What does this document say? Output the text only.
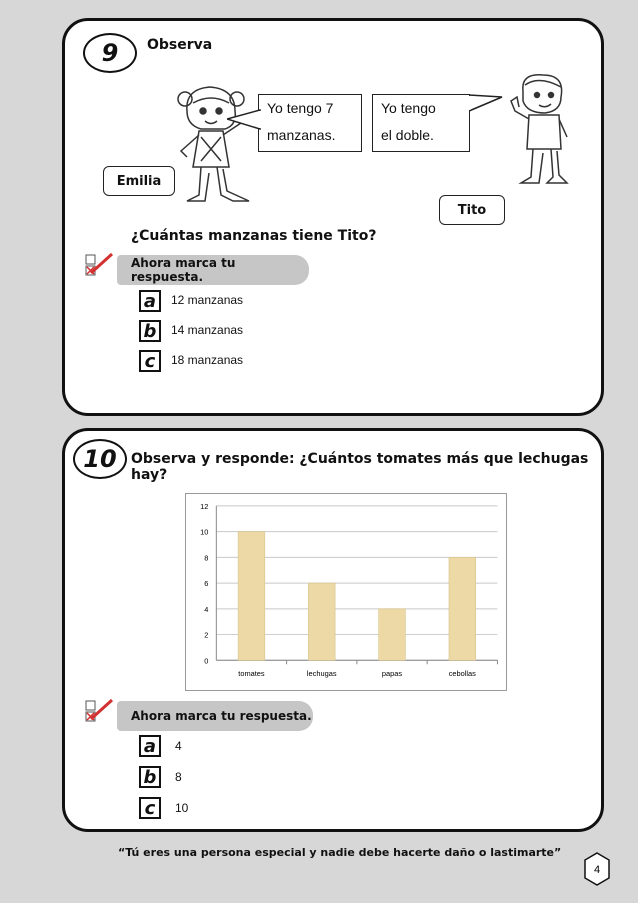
9	Observa
Yo tengo 7
manzanas.
Yo tengo
el doble.
Emilia
Tito
¿Cuántas manzanas tiene Tito?
Ahora marca tu respuesta.
a	12 manzanas
b	14 manzanas
c	18 manzanas
10	Observa y responde: ¿Cuántos tomates más que lechugas hay?
0
2
4
6
8
10
12
tomates	lechugas	papas	cebollas
Ahora marca tu respuesta.
a	4
b	8
c	10
“Tú eres una persona especial y nadie debe hacerte daño o lastimarte”
4
